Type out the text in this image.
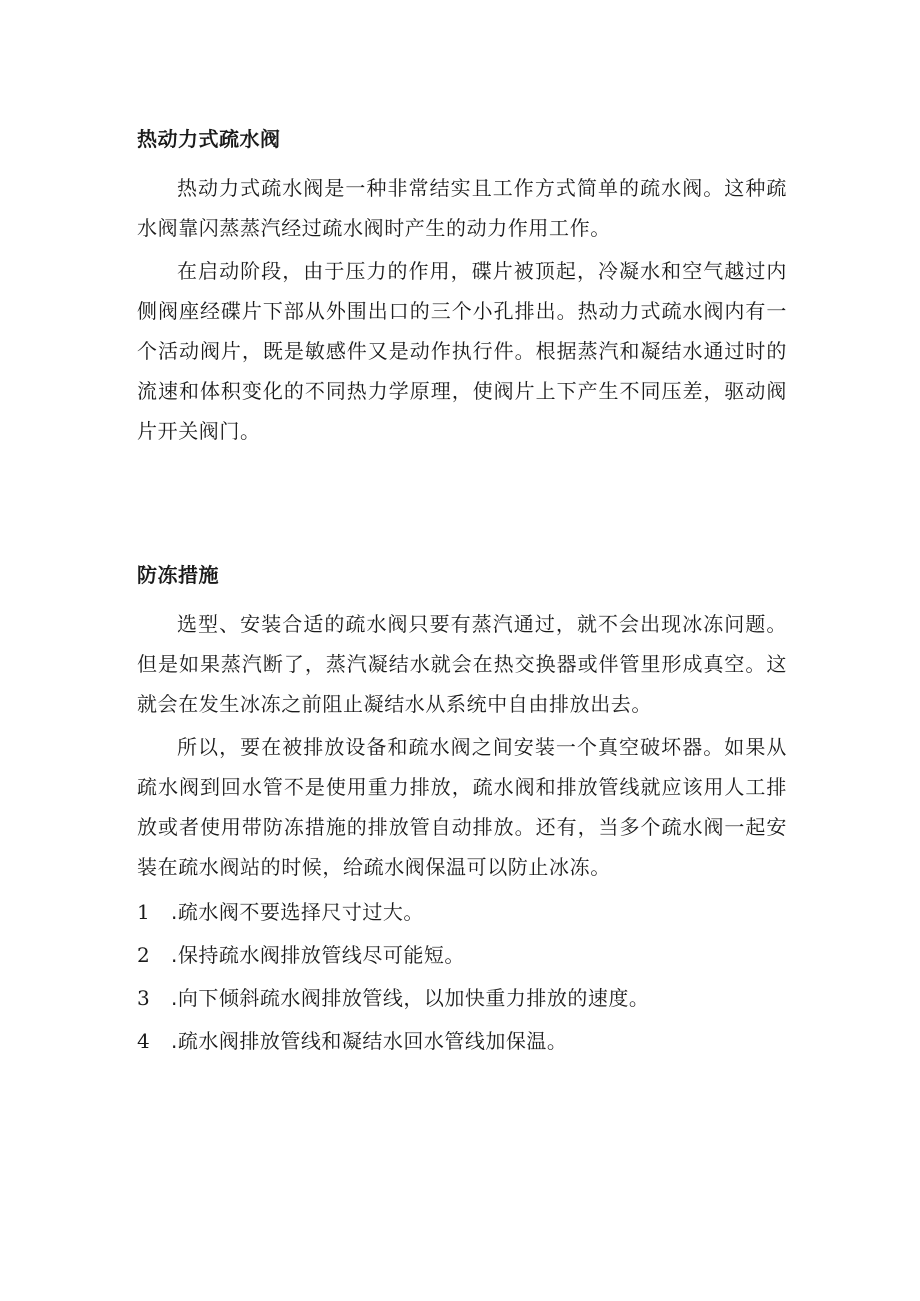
热动力式疏水阀

热动力式疏水阀是一种非常结实且工作方式简单的疏水阀。这种疏水阀靠闪蒸蒸汽经过疏水阀时产生的动力作用工作。

在启动阶段，由于压力的作用，碟片被顶起，冷凝水和空气越过内侧阀座经碟片下部从外围出口的三个小孔排出。热动力式疏水阀内有一个活动阀片，既是敏感件又是动作执行件。根据蒸汽和凝结水通过时的流速和体积变化的不同热力学原理，使阀片上下产生不同压差，驱动阀片开关阀门。

防冻措施

选型、安装合适的疏水阀只要有蒸汽通过，就不会出现冰冻问题。但是如果蒸汽断了，蒸汽凝结水就会在热交换器或伴管里形成真空。这就会在发生冰冻之前阻止凝结水从系统中自由排放出去。

所以，要在被排放设备和疏水阀之间安装一个真空破坏器。如果从疏水阀到回水管不是使用重力排放，疏水阀和排放管线就应该用人工排放或者使用带防冻措施的排放管自动排放。还有，当多个疏水阀一起安装在疏水阀站的时候，给疏水阀保温可以防止冰冻。

1 .疏水阀不要选择尺寸过大。
2 .保持疏水阀排放管线尽可能短。
3 .向下倾斜疏水阀排放管线，以加快重力排放的速度。
4 .疏水阀排放管线和凝结水回水管线加保温。
